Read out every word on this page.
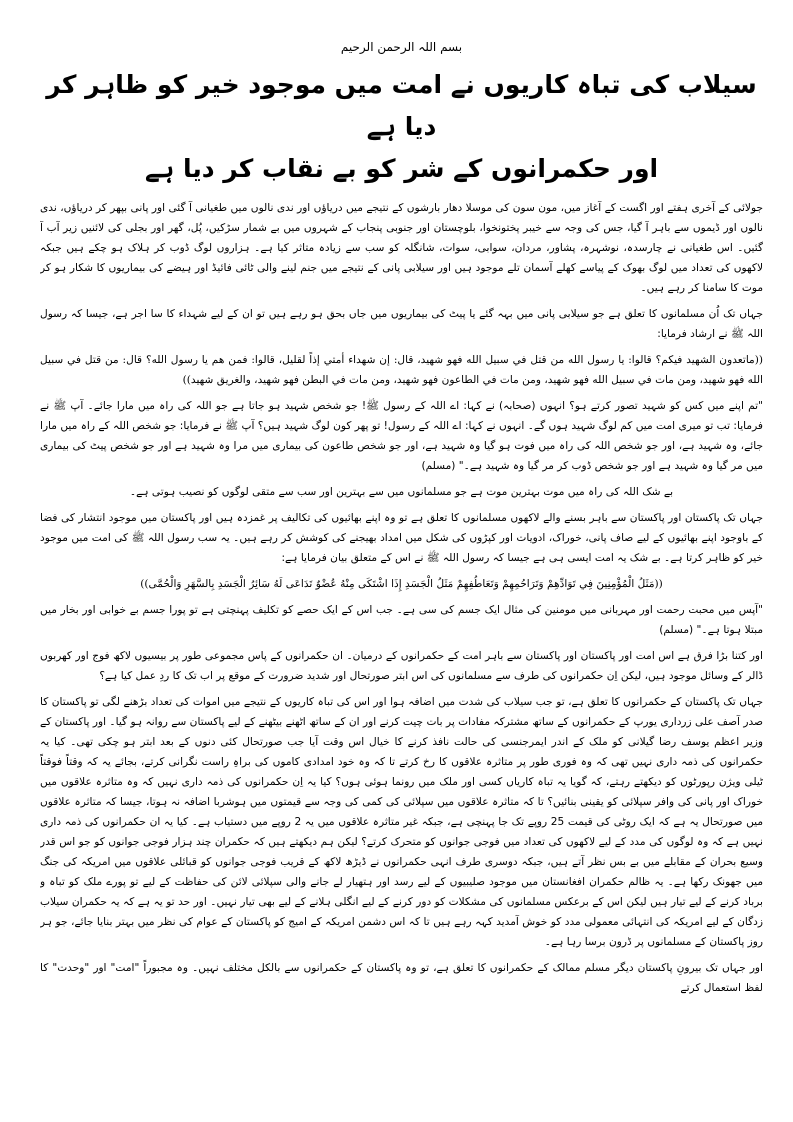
بسم اللہ الرحمن الرحیم
سیلاب کی تباہ کاریوں نے امت میں موجود خیر کو ظاہر کر دیا ہے
اور حکمرانوں کے شر کو بے نقاب کر دیا ہے

جولائی کے آخری ہفتے اور اگست کے آغاز میں، مون سون کی موسلا دھار بارشوں کے نتیجے میں دریاؤں اور ندی نالوں میں طغیانی آ گئی اور پانی بپھر کر دریاؤں، ندی نالوں اور ڈیموں سے باہر آ گیا، جس کی وجہ سے خیبر پختونخوا، بلوچستان اور جنوبی پنجاب کے شہروں میں بے شمار سڑکیں، پُل، گھر اور بجلی کی لائنیں زیر آب آ گئیں۔ اس طغیانی نے چارسدہ، نوشہرہ، پشاور، مردان، سوابی، سوات، شانگلہ کو سب سے زیادہ متاثر کیا ہے۔ ہزاروں لوگ ڈوب کر ہلاک ہو چکے ہیں جبکہ لاکھوں کی تعداد میں لوگ بھوک کے پیاسے کھلے آسمان تلے موجود ہیں اور سیلابی پانی کے نتیجے میں جنم لینے والی ٹائی فائیڈ اور ہیضے کی بیماریوں کا شکار ہو کر موت کا سامنا کر رہے ہیں۔

جہاں تک اُن مسلمانوں کا تعلق ہے جو سیلابی پانی میں بہہ گئے یا پیٹ کی بیماریوں میں جاں بحق ہو رہے ہیں تو ان کے لیے شہداء کا سا اجر ہے، جیسا کہ رسول اللہ ﷺ نے ارشاد فرمایا:

((ماتعدون الشهيد فيكم؟ قالوا: يا رسول الله من قتل في سبيل الله فهو شهيد، قال: إن شهداء أمتي إذاً لقليل، قالوا: فمن هم يا رسول الله؟ قال: من قتل في سبيل الله فهو شهيد، ومن مات في سبيل الله فهو شهيد، ومن مات في الطاعون فهو شهيد، ومن مات في البطن فهو شهيد، والغريق شهيد))

"تم اپنے میں کس کو شہید تصور کرتے ہو؟ انہوں (صحابہ) نے کہا: اے اللہ کے رسول ﷺ! جو شخص شہید ہو جاتا ہے جو اللہ کی راہ میں مارا جائے۔ آپ ﷺ نے فرمایا: تب تو میری امت میں کم لوگ شہید ہوں گے۔ انہوں نے کہا: اے اللہ کے رسول! تو پھر کون لوگ شہید ہیں؟ آپ ﷺ نے فرمایا: جو شخص اللہ کے راہ میں مارا جائے، وہ شہید ہے، اور جو شخص اللہ کی راہ میں فوت ہو گیا وہ شہید ہے، اور جو شخص طاعون کی بیماری میں مرا وہ شہید ہے اور جو شخص پیٹ کی بیماری میں مر گیا وہ شہید ہے اور جو شخص ڈوب کر مر گیا وہ شہید ہے۔" (مسلم)

بے شک اللہ کی راہ میں موت بہترین موت ہے جو مسلمانوں میں سے بہترین اور سب سے متقی لوگوں کو نصیب ہوتی ہے۔

جہاں تک پاکستان اور پاکستان سے باہر بسنے والے لاکھوں مسلمانوں کا تعلق ہے تو وہ اپنے بھائیوں کی تکالیف پر غمزدہ ہیں اور پاکستان میں موجود انتشار کی فضا کے باوجود اپنے بھائیوں کے لیے صاف پانی، خوراک، ادویات اور کپڑوں کی شکل میں امداد بھیجنے کی کوشش کر رہے ہیں۔ یہ سب رسول اللہ ﷺ کی امت میں موجود خیر کو ظاہر کرتا ہے۔ بے شک یہ امت ایسی ہی ہے جیسا کہ رسول اللہ ﷺ نے اس کے متعلق بیان فرمایا ہے:

((مَثَلُ الْمُؤْمِنِينَ فِي تَوَادِّهِمْ وَتَرَاحُمِهِمْ وَتَعَاطُفِهِمْ مَثَلُ الْجَسَدِ إِذَا اشْتَكَى مِنْهُ عُضْوٌ تَدَاعَى لَهُ سَائِرُ الْجَسَدِ بِالسَّهَرِ وَالْحُمَّى))

"آپس میں محبت رحمت اور مہربانی میں مومنین کی مثال ایک جسم کی سی ہے۔ جب اس کے ایک حصے کو تکلیف پہنچتی ہے تو پورا جسم بے خوابی اور بخار میں مبتلا ہوتا ہے۔" (مسلم)

اور کتنا بڑا فرق ہے اس امت اور پاکستان اور پاکستان سے باہر امت کے حکمرانوں کے درمیان۔ ان حکمرانوں کے پاس مجموعی طور پر بیسیوں لاکھ فوج اور کھربوں ڈالر کے وسائل موجود ہیں، لیکن اِن حکمرانوں کی طرف سے مسلمانوں کی اس ابتر صورتحال اور شدید ضرورت کے موقع پر اب تک کا ردِ عمل کیا ہے؟

جہاں تک پاکستان کے حکمرانوں کا تعلق ہے، تو جب سیلاب کی شدت میں اضافہ ہوا اور اس کی تباہ کاریوں کے نتیجے میں اموات کی تعداد بڑھنے لگی تو پاکستان کا صدر آصف علی زرداری یورپ کے حکمرانوں کے ساتھ مشترکہ مفادات پر بات چیت کرنے اور ان کے ساتھ اٹھنے بیٹھنے کے لیے پاکستان سے روانہ ہو گیا۔ اور پاکستان کے وزیر اعظم یوسف رضا گیلانی کو ملک کے اندر ایمرجنسی کی حالت نافذ کرنے کا خیال اس وقت آیا جب صورتحال کئی دنوں کے بعد ابتر ہو چکی تھی۔ کیا یہ حکمرانوں کی ذمہ داری نہیں تھی کہ وہ فوری طور پر متاثرہ علاقوں کا رخ کرتے تا کہ وہ خود امدادی کاموں کی براہِ راست نگرانی کرتے، بجائے یہ کہ وقتاً فوقتاً ٹیلی ویژن رپورٹوں کو دیکھتے رہتے، کہ گویا یہ تباہ کاریاں کسی اور ملک میں رونما ہوئی ہوں؟ کیا یہ اِن حکمرانوں کی ذمہ داری نہیں کہ وہ متاثرہ علاقوں میں خوراک اور پانی کی وافر سپلائی کو یقینی بنائیں؟ تا کہ متاثرہ علاقوں میں سپلائی کی کمی کی وجہ سے قیمتوں میں ہوشربا اضافہ نہ ہوتا، جیسا کہ متاثرہ علاقوں میں صورتحال یہ ہے کہ ایک روٹی کی قیمت 25 روپے تک جا پہنچی ہے، جبکہ غیر متاثرہ علاقوں میں یہ 2 روپے میں دستیاب ہے۔ کیا یہ ان حکمرانوں کی ذمہ داری نہیں ہے کہ وہ لوگوں کی مدد کے لیے لاکھوں کی تعداد میں فوجی جوانوں کو متحرک کرتے؟ لیکن ہم دیکھتے ہیں کہ حکمران چند ہزار فوجی جوانوں کو جو اس قدر وسیع بحران کے مقابلے میں بے بس نظر آتے ہیں، جبکہ دوسری طرف انہی حکمرانوں نے ڈیڑھ لاکھ کے قریب فوجی جوانوں کو قبائلی علاقوں میں امریکہ کی جنگ میں جھونک رکھا ہے۔ یہ ظالم حکمران افغانستان میں موجود صلیبیوں کے لیے رسد اور ہتھیار لے جانے والی سپلائی لائن کی حفاظت کے لیے تو پورے ملک کو تباہ و برباد کرنے کے لیے تیار ہیں لیکن اس کے برعکس مسلمانوں کی مشکلات کو دور کرنے کے لیے انگلی ہلانے کے لیے بھی تیار نہیں۔ اور حد تو یہ ہے کہ یہ حکمران سیلاب زدگان کے لیے امریکہ کی انتہائی معمولی مدد کو خوش آمدید کہہ رہے ہیں تا کہ اس دشمن امریکہ کے امیج کو پاکستان کے عوام کی نظر میں بہتر بنایا جائے، جو ہر روز پاکستان کے مسلمانوں پر ڈرون برسا رہا ہے۔

اور جہاں تک بیرونِ پاکستان دیگر مسلم ممالک کے حکمرانوں کا تعلق ہے، تو وہ پاکستان کے حکمرانوں سے بالکل مختلف نہیں۔ وہ مجبوراً "امت" اور "وحدت" کا لفظ استعمال کرتے
